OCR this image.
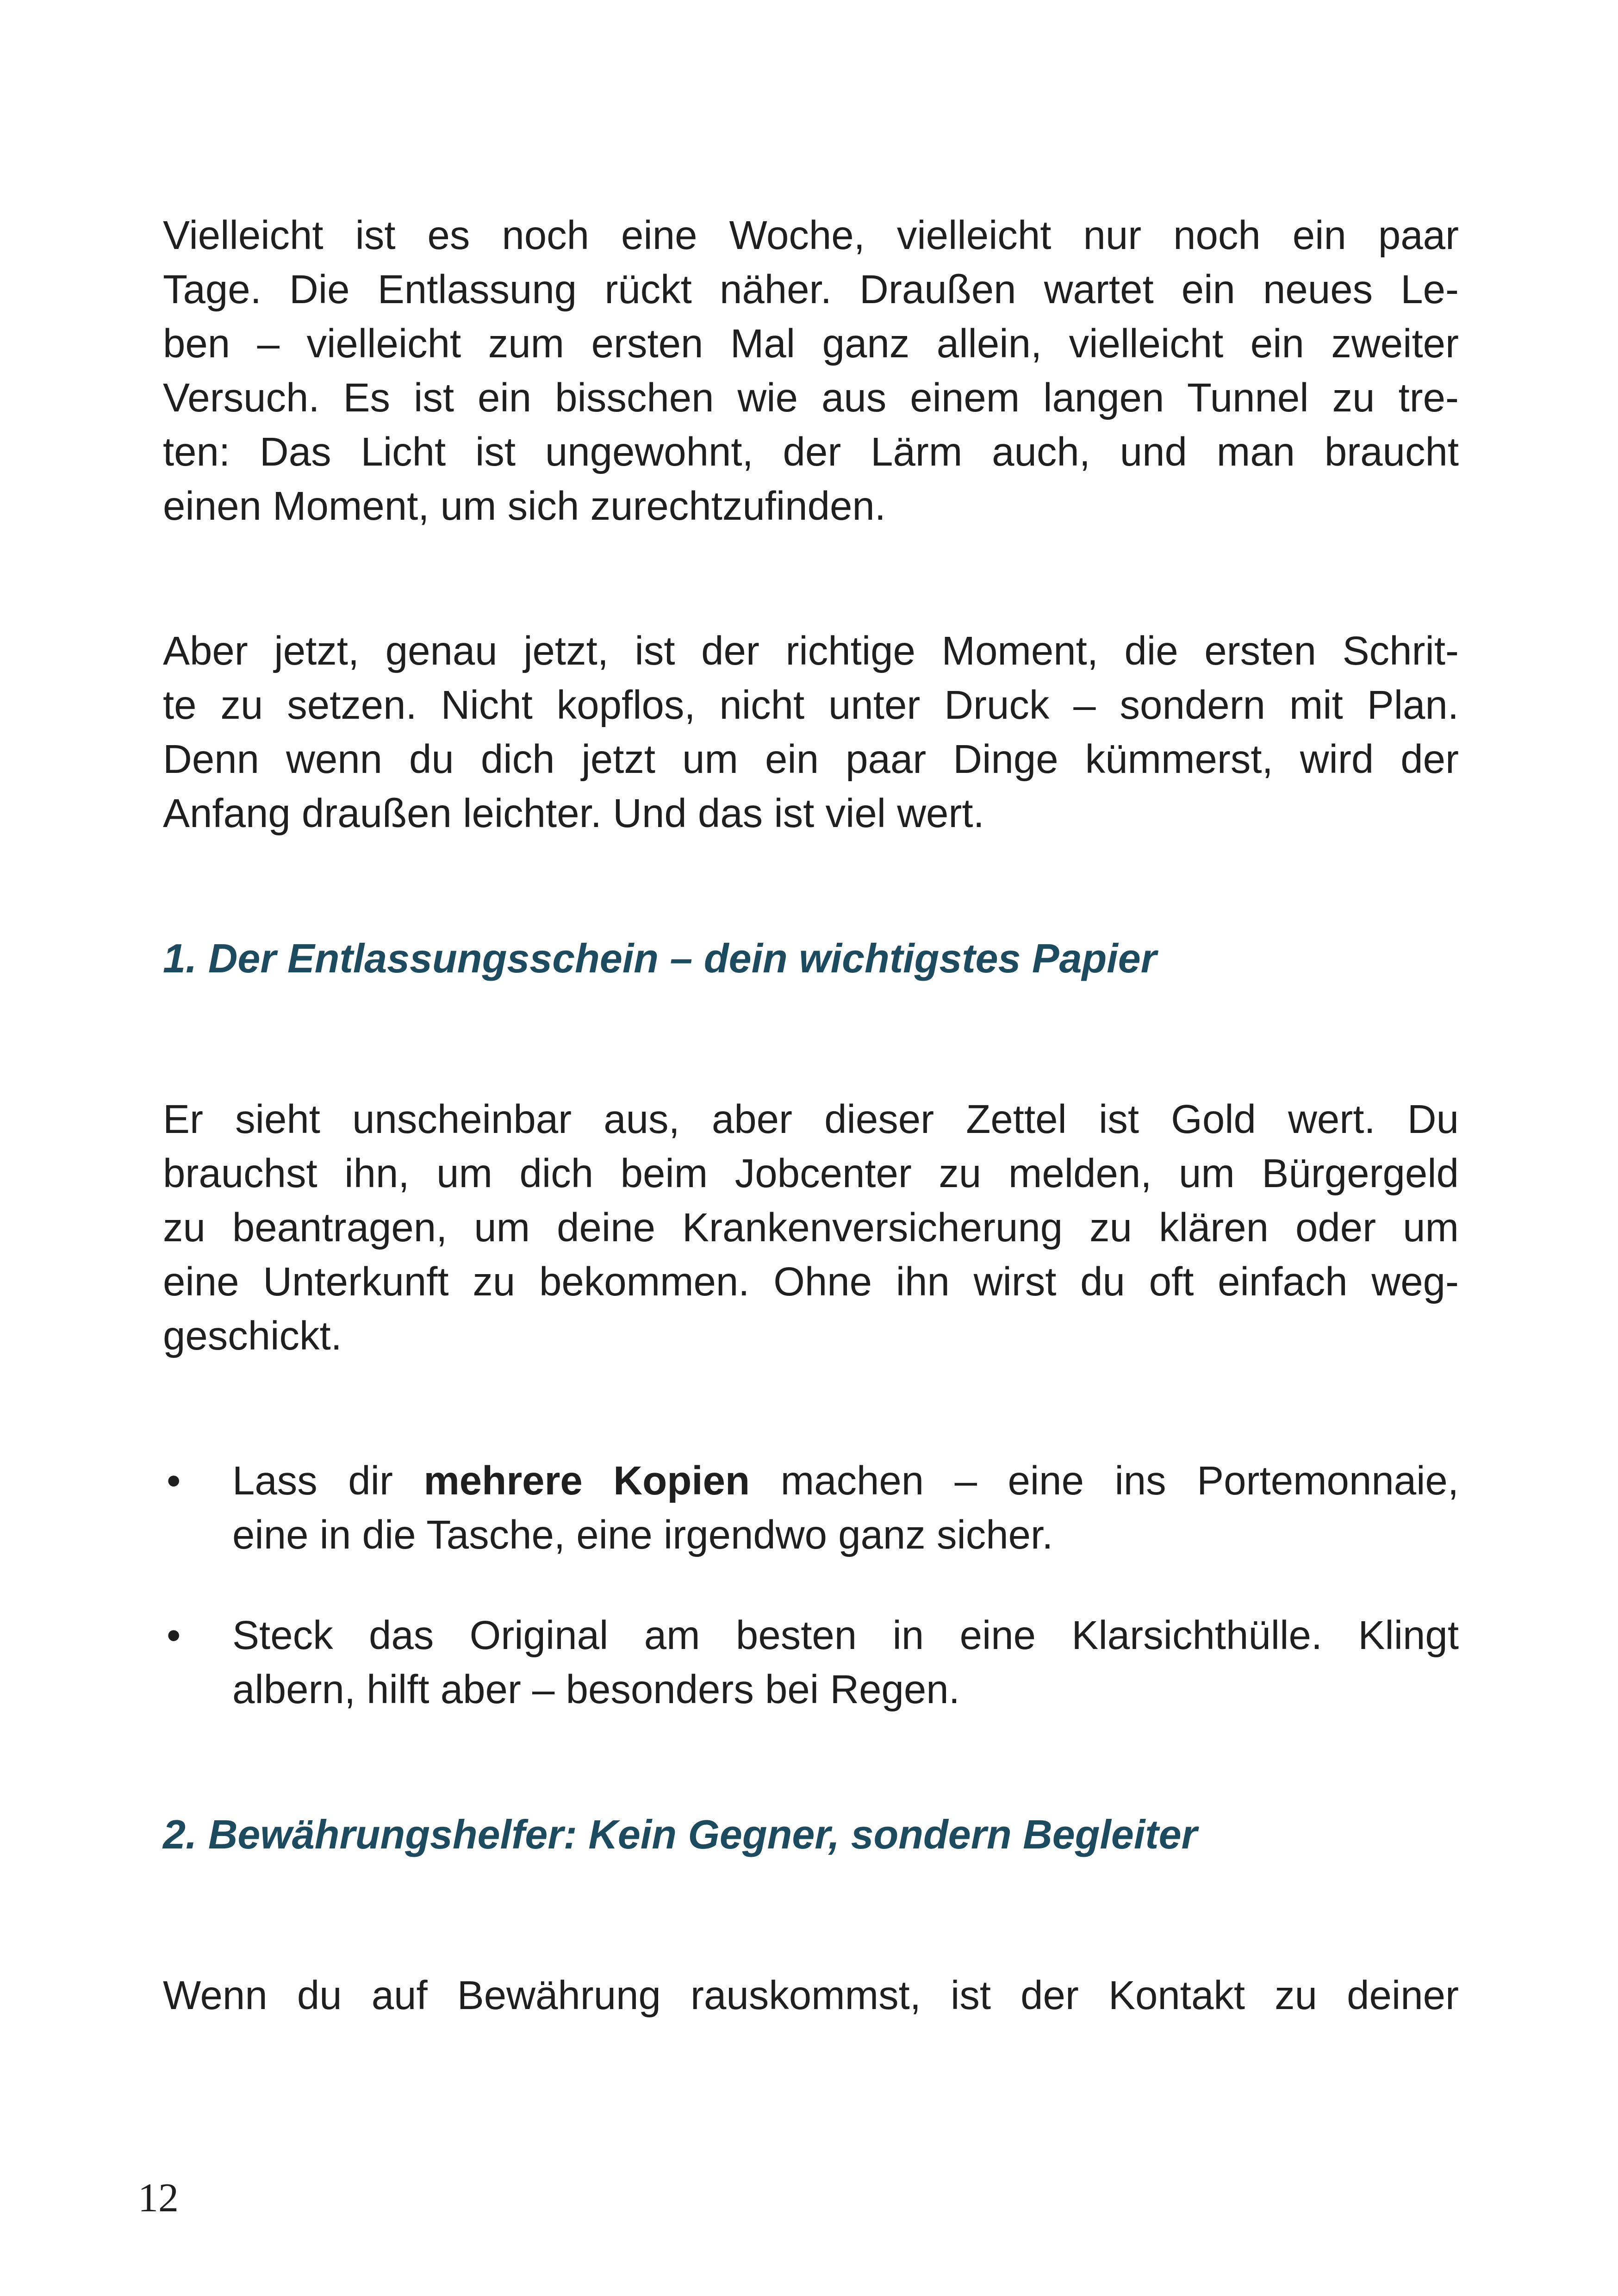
Vielleicht ist es noch eine Woche, vielleicht nur noch ein paar
Tage. Die Entlassung rückt näher. Draußen wartet ein neues Le-
ben – vielleicht zum ersten Mal ganz allein, vielleicht ein zweiter
Versuch. Es ist ein bisschen wie aus einem langen Tunnel zu tre-
ten: Das Licht ist ungewohnt, der Lärm auch, und man braucht
einen Moment, um sich zurechtzufinden.

Aber jetzt, genau jetzt, ist der richtige Moment, die ersten Schrit-
te zu setzen. Nicht kopflos, nicht unter Druck – sondern mit Plan.
Denn wenn du dich jetzt um ein paar Dinge kümmerst, wird der
Anfang draußen leichter. Und das ist viel wert.

1. Der Entlassungsschein – dein wichtigstes Papier

Er sieht unscheinbar aus, aber dieser Zettel ist Gold wert. Du
brauchst ihn, um dich beim Jobcenter zu melden, um Bürgergeld
zu beantragen, um deine Krankenversicherung zu klären oder um
eine Unterkunft zu bekommen. Ohne ihn wirst du oft einfach weg-
geschickt.

• Lass dir mehrere Kopien machen – eine ins Portemonnaie,
eine in die Tasche, eine irgendwo ganz sicher.
• Steck das Original am besten in eine Klarsichthülle. Klingt
albern, hilft aber – besonders bei Regen.
2. Bewährungshelfer: Kein Gegner, sondern Begleiter

Wenn du auf Bewährung rauskommst, ist der Kontakt zu deiner

12
